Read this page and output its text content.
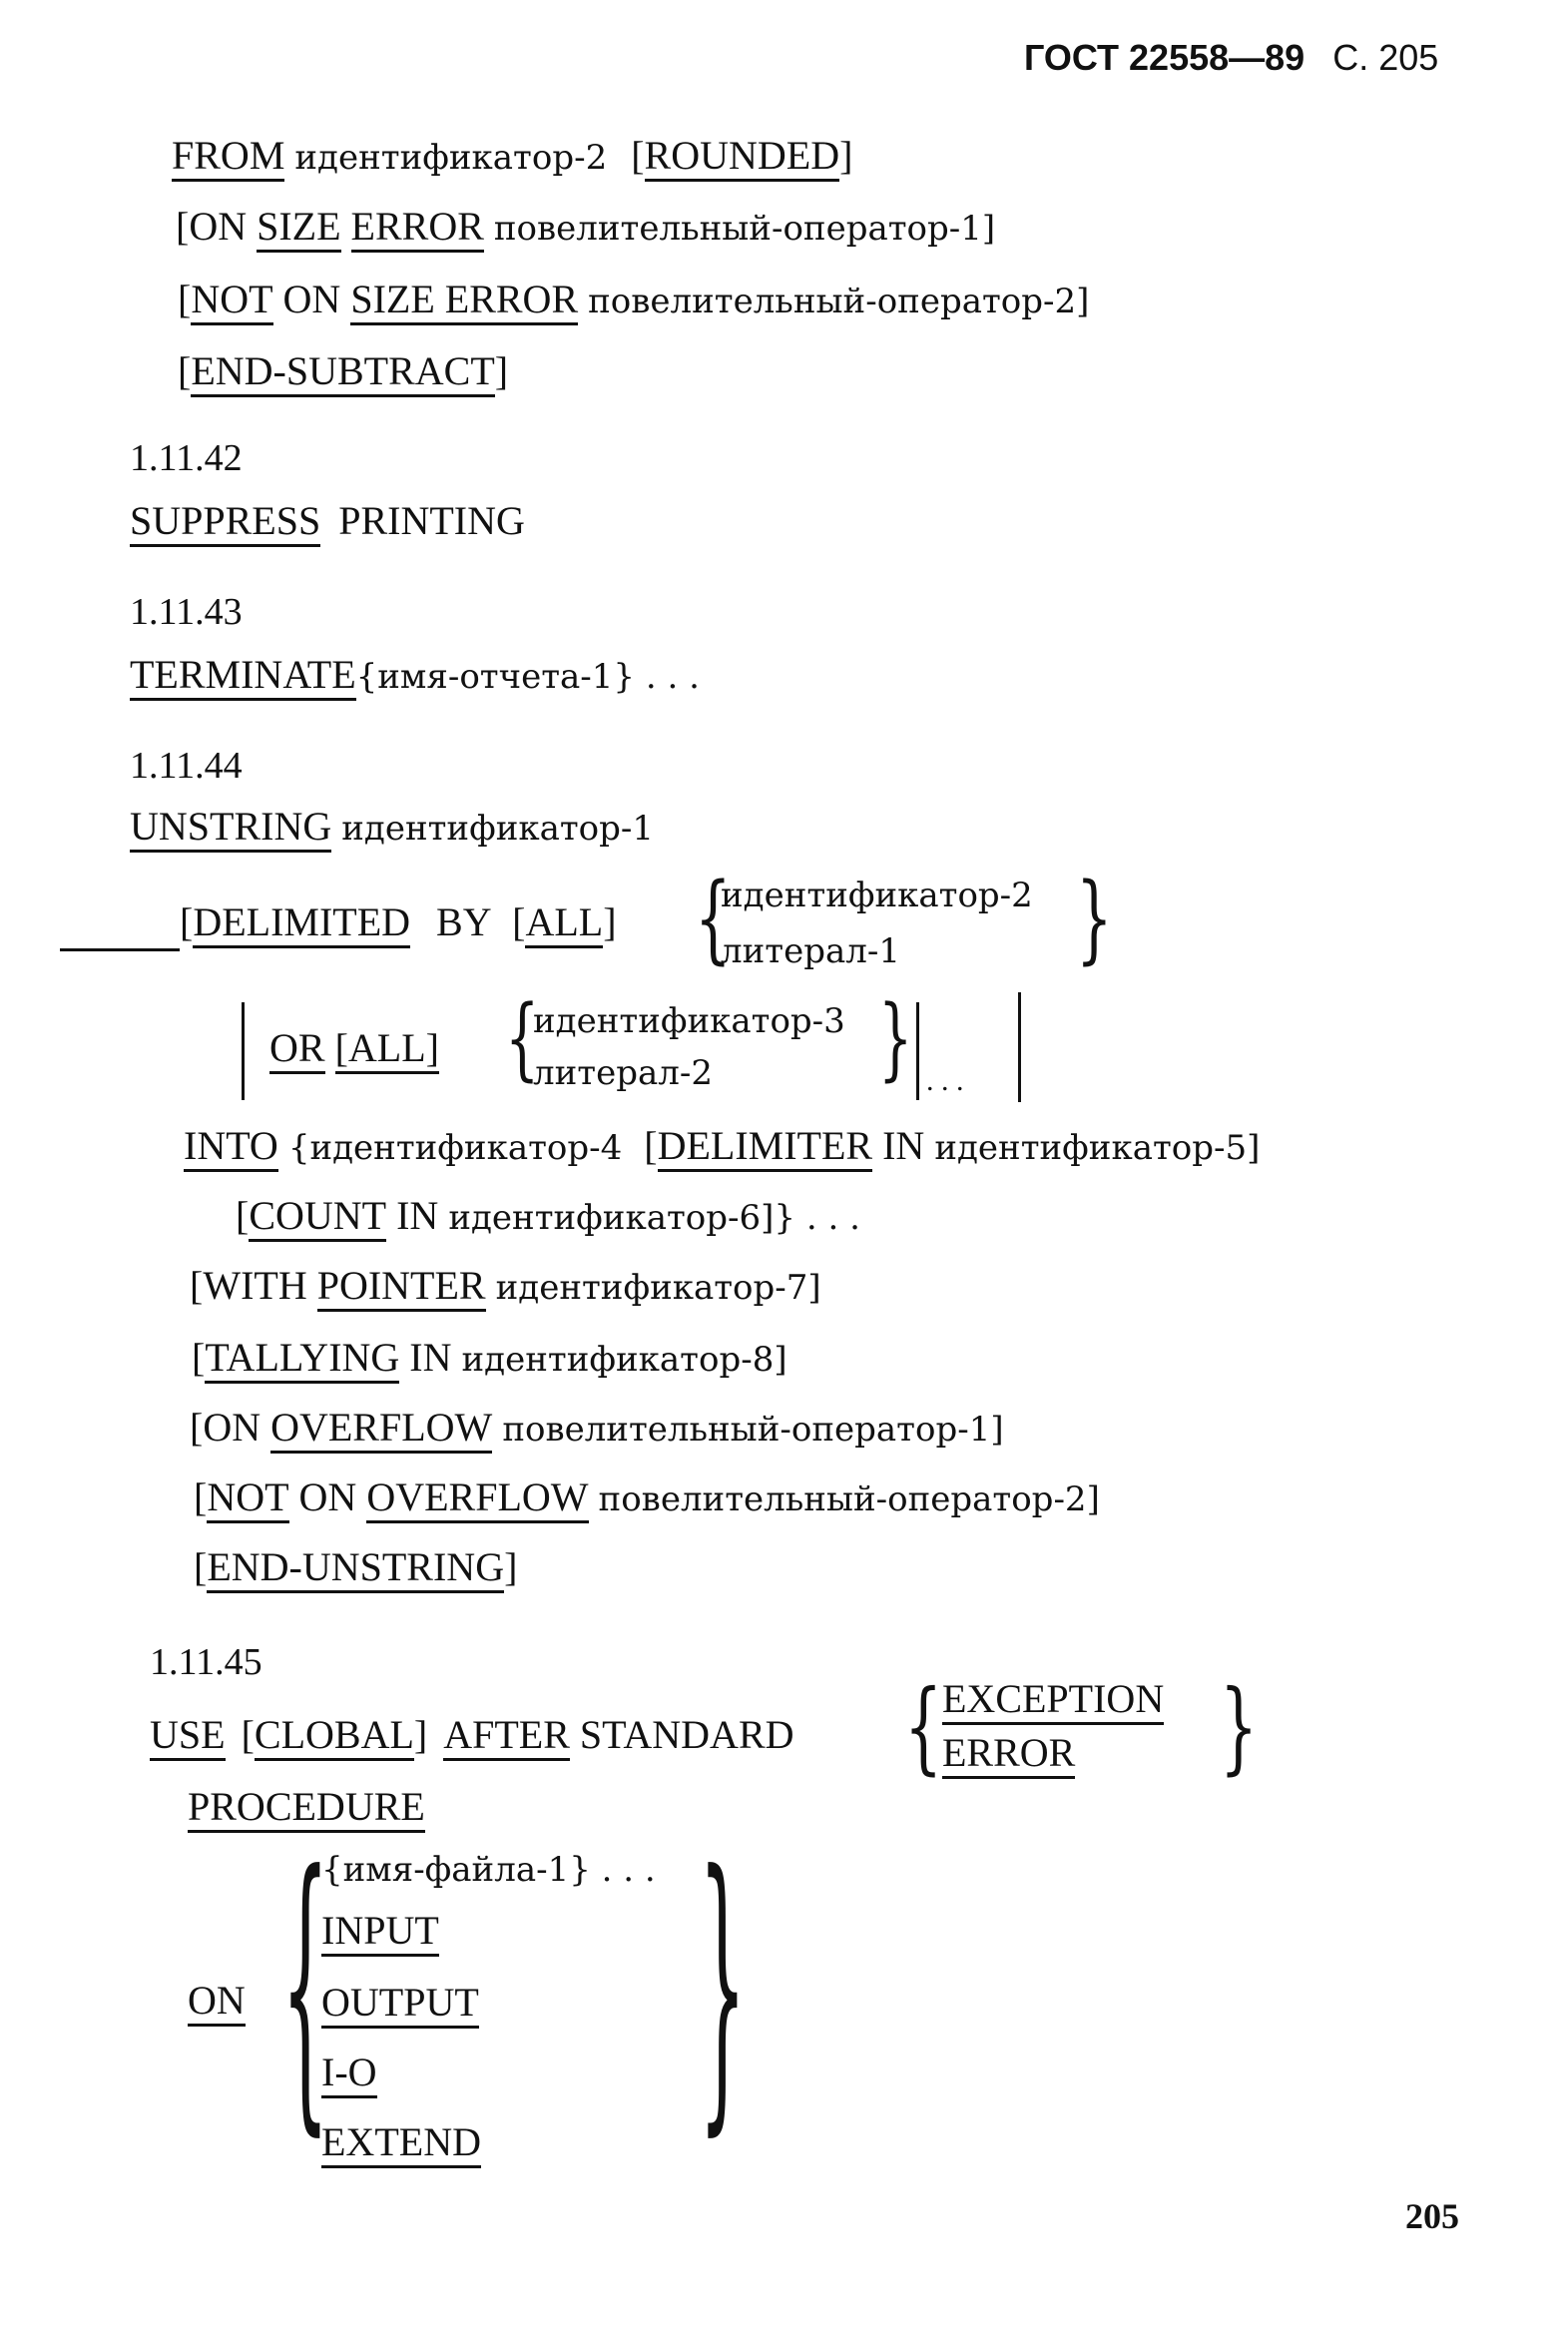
ГОСТ 22558—89 С. 205
FROM идентификатор-2 [ROUNDED]
[ON SIZE ERROR повелительный-оператор-1]
[NOT ON SIZE ERROR повелительный-оператор-2]
[END-SUBTRACT]
1.11.42
SUPPRESS PRINTING
1.11.43
TERMINATE{имя-отчета-1} . . .
1.11.44
UNSTRING идентификатор-1
[DELIMITED BY [ALL] {
идентификатор-2
литерал-1 }
OR [ALL] {
идентификатор-3
литерал-2 } . . .
INTO {идентификатор-4 [DELIMITER IN идентификатор-5]
[COUNT IN идентификатор-6]} . . .
[WITH POINTER идентификатор-7]
[TALLYING IN идентификатор-8]
[ON OVERFLOW повелительный-оператор-1]
[NOT ON OVERFLOW повелительный-оператор-2]
[END-UNSTRING]
1.11.45
USE [CLOBAL] AFTER STANDARD { EXCEPTION
ERROR }
PROCEDURE
ON {
{имя-файла-1} . . .
INPUT
OUTPUT
I-O
EXTEND }
205
